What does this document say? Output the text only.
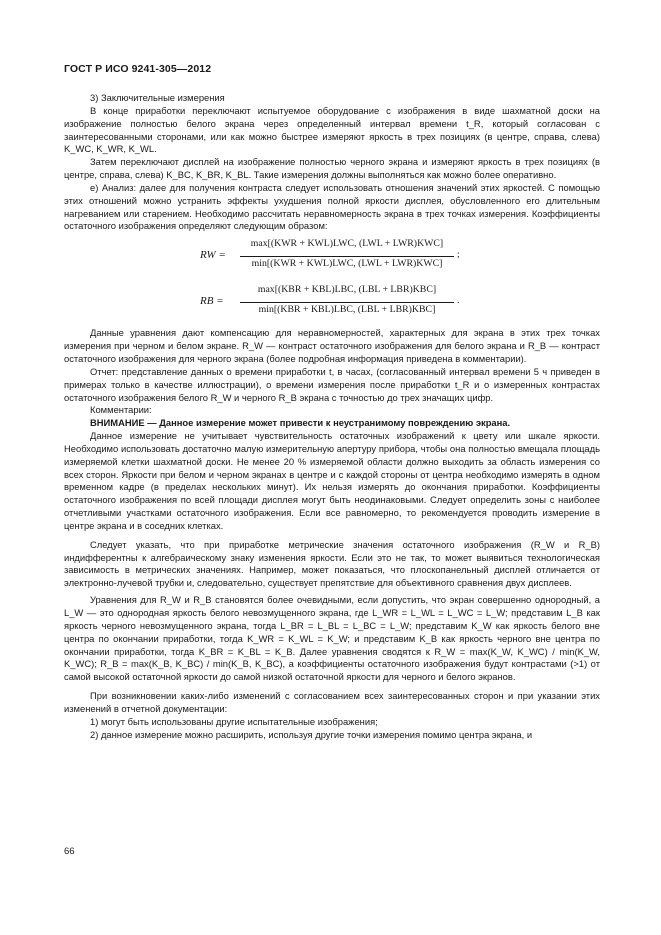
ГОСТ Р ИСО 9241-305—2012

3) Заключительные измерения

В конце приработки переключают испытуемое оборудование с изображения в виде шахматной доски на изображение полностью белого экрана через определенный интервал времени t_R, который согласован с заинтересованными сторонами, или как можно быстрее измеряют яркость в трех позициях (в центре, справа, слева) K_WC, K_WR, K_WL.

Затем переключают дисплей на изображение полностью черного экрана и измеряют яркость в трех позициях (в центре, справа, слева) K_BC, K_BR, K_BL. Такие измерения должны выполняться как можно более оперативно.

е) Анализ: далее для получения контраста следует использовать отношения значений этих яркостей. С помощью этих отношений можно устранить эффекты ухудшения полной яркости дисплея, обусловленного его длительным нагреванием или старением. Необходимо рассчитать неравномерность экрана в трех точках измерения. Коэффициенты остаточного изображения определяют следующим образом:

RW =
max[(KWR + KWL)LWC, (LWL + LWR)KWC]
min[(KWR + KWL)LWC, (LWL + LWR)KWC]
;
RB =
max[(KBR + KBL)LBC, (LBL + LBR)KBC]
min[(KBR + KBL)LBC, (LBL + LBR)KBC]
.

Данные уравнения дают компенсацию для неравномерностей, характерных для экрана в этих трех точках измерения при черном и белом экране. R_W — контраст остаточного изображения для белого экрана и R_B — контраст остаточного изображения для черного экрана (более подробная информация приведена в комментарии).

Отчет: представление данных о времени приработки t, в часах, (согласованный интервал времени 5 ч приведен в примерах только в качестве иллюстрации), о времени измерения после приработки t_R и о измеренных контрастах остаточного изображения белого R_W и черного R_B экрана с точностью до трех значащих цифр.

Комментарии:

ВНИМАНИЕ — Данное измерение может привести к неустранимому повреждению экрана.

Данное измерение не учитывает чувствительность остаточных изображений к цвету или шкале яркости. Необходимо использовать достаточно малую измерительную апертуру прибора, чтобы она полностью вмещала площадь измеряемой клетки шахматной доски. Не менее 20 % измеряемой области должно выходить за область измерения со всех сторон. Яркости при белом и черном экранах в центре и с каждой стороны от центра необходимо измерять в одном временном кадре (в пределах нескольких минут). Их нельзя измерять до окончания приработки. Коэффициенты остаточного изображения по всей площади дисплея могут быть неодинаковыми. Следует определить зоны с наиболее отчетливыми участками остаточного изображения. Если все равномерно, то рекомендуется проводить измерение в центре экрана и в соседних клетках.

Следует указать, что при приработке метрические значения остаточного изображения (R_W и R_B) индифферентны к алгебраическому знаку изменения яркости. Если это не так, то может выявиться технологическая зависимость в метрических значениях. Например, может показаться, что плоскопанельный дисплей отличается от электронно-лучевой трубки и, следовательно, существует препятствие для объективного сравнения двух дисплеев.

Уравнения для R_W и R_B становятся более очевидными, если допустить, что экран совершенно однородный, а L_W — это однородная яркость белого невозмущенного экрана, где L_WR = L_WL = L_WC = L_W; представим L_B как яркость черного невозмущенного экрана, тогда L_BR = L_BL = L_BC = L_W; представим K_W как яркость белого вне центра по окончании приработки, тогда K_WR = K_WL = K_W; и представим K_B как яркость черного вне центра по окончании приработки, тогда K_BR = K_BL = K_B. Далее уравнения сводятся к R_W = max(K_W, K_WC) / min(K_W, K_WC); R_B = max(K_B, K_BC) / min(K_B, K_BC), а коэффициенты остаточного изображения будут контрастами (>1) от самой высокой остаточной яркости до самой низкой остаточной яркости для черного и белого экранов.

При возникновении каких-либо изменений с согласованием всех заинтересованных сторон и при указании этих изменений в отчетной документации:

1) могут быть использованы другие испытательные изображения;

2) данное измерение можно расширить, используя другие точки измерения помимо центра экрана, и

66
